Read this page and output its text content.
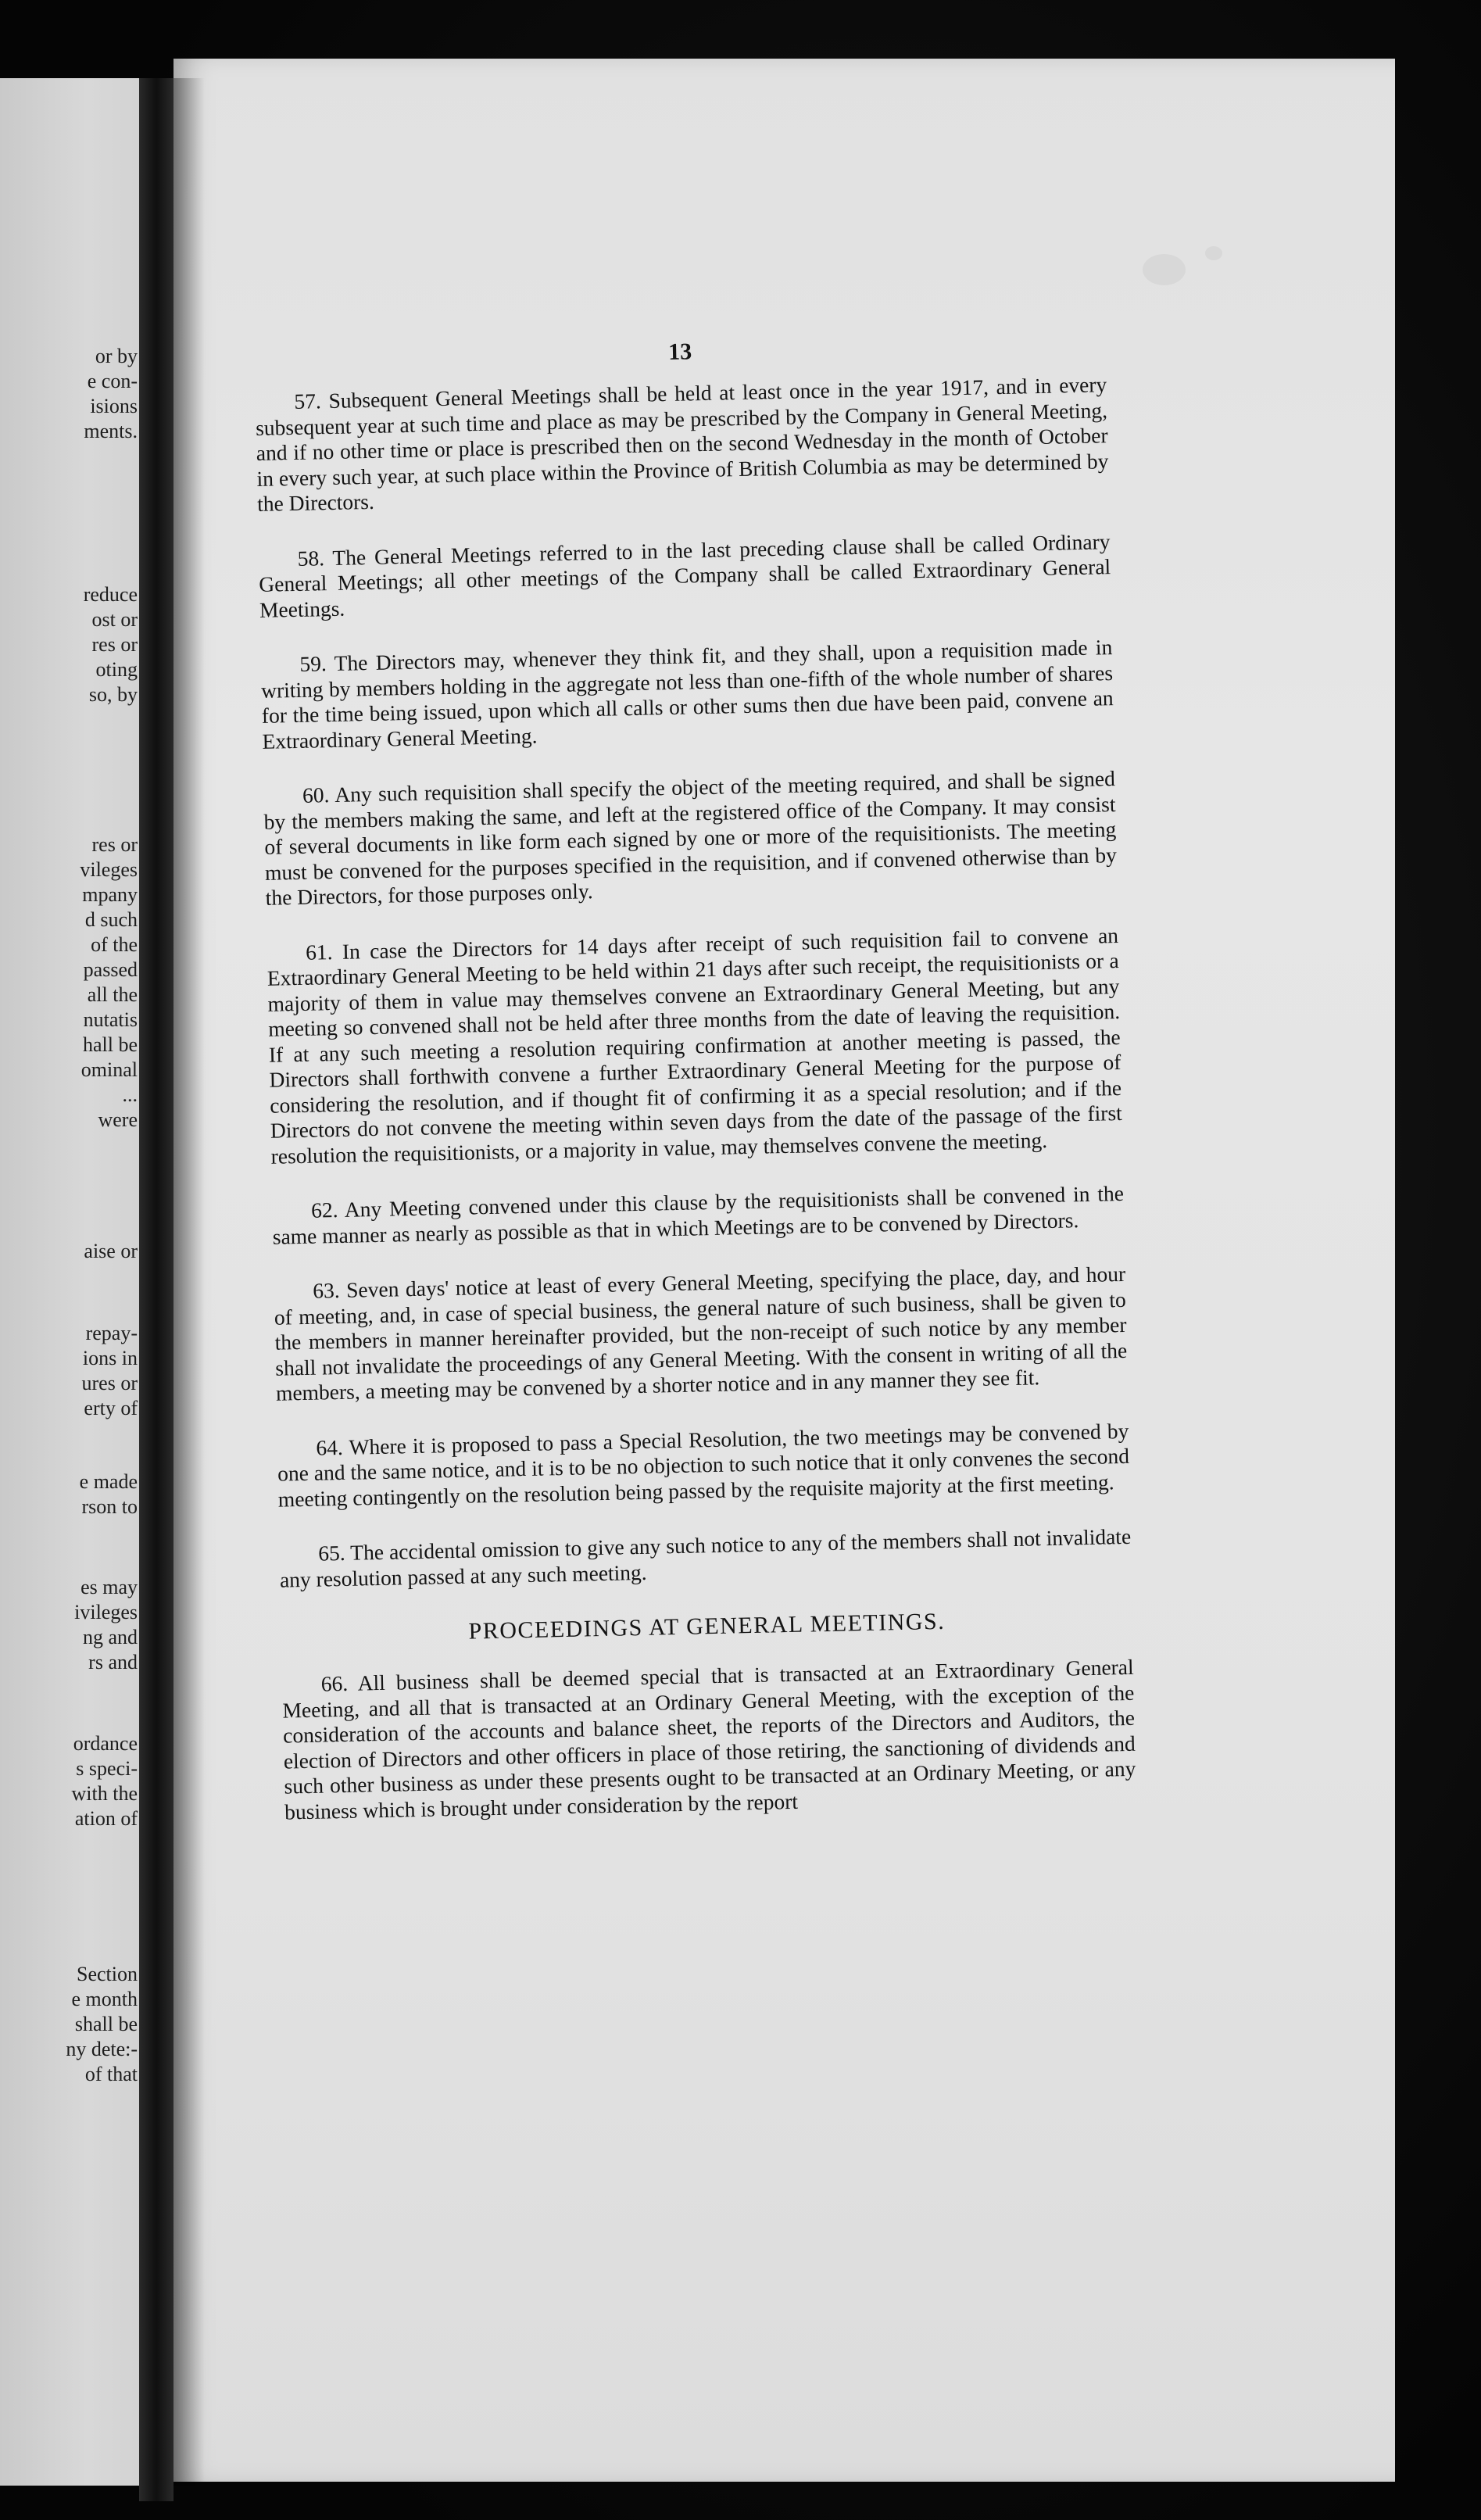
or by
e con-
isions
ments.
reduce
ost or
res or
oting
so, by
res or
vileges
mpany
d such
of the
passed
all the
nutatis
hall be
ominal
...
were
aise or
repay-
ions in
ures or
erty of
e made
rson to
es may
ivileges
ng and
rs and
ordance
s speci-
with the
ation of
Section
e month
shall be
ny dete:-
of that
13

57. Subsequent General Meetings shall be held at least once in the year 1917, and in every subsequent year at such time and place as may be prescribed by the Company in General Meeting, and if no other time or place is prescribed then on the second Wednesday in the month of October in every such year, at such place within the Province of British Columbia as may be determined by the Directors.

58. The General Meetings referred to in the last preceding clause shall be called Ordinary General Meetings; all other meetings of the Company shall be called Extraordinary General Meetings.

59. The Directors may, whenever they think fit, and they shall, upon a requisition made in writing by members holding in the aggregate not less than one-fifth of the whole number of shares for the time being issued, upon which all calls or other sums then due have been paid, convene an Extraordinary General Meeting.

60. Any such requisition shall specify the object of the meeting required, and shall be signed by the members making the same, and left at the registered office of the Company. It may consist of several documents in like form each signed by one or more of the requisitionists. The meeting must be convened for the purposes specified in the requisition, and if convened otherwise than by the Directors, for those purposes only.

61. In case the Directors for 14 days after receipt of such requisition fail to convene an Extraordinary General Meeting to be held within 21 days after such receipt, the requisitionists or a majority of them in value may themselves convene an Extraordinary General Meeting, but any meeting so convened shall not be held after three months from the date of leaving the requisition. If at any such meeting a resolution requiring confirmation at another meeting is passed, the Directors shall forthwith convene a further Extraordinary General Meeting for the purpose of considering the resolution, and if thought fit of confirming it as a special resolution; and if the Directors do not convene the meeting within seven days from the date of the passage of the first resolution the requisitionists, or a majority in value, may themselves convene the meeting.

62. Any Meeting convened under this clause by the requisitionists shall be convened in the same manner as nearly as possible as that in which Meetings are to be convened by Directors.

63. Seven days' notice at least of every General Meeting, specifying the place, day, and hour of meeting, and, in case of special business, the general nature of such business, shall be given to the members in manner hereinafter provided, but the non-receipt of such notice by any member shall not invalidate the proceedings of any General Meeting. With the consent in writing of all the members, a meeting may be convened by a shorter notice and in any manner they see fit.

64. Where it is proposed to pass a Special Resolution, the two meetings may be convened by one and the same notice, and it is to be no objection to such notice that it only convenes the second meeting contingently on the resolution being passed by the requisite majority at the first meeting.

65. The accidental omission to give any such notice to any of the members shall not invalidate any resolution passed at any such meeting.

PROCEEDINGS AT GENERAL MEETINGS.

66. All business shall be deemed special that is transacted at an Extraordinary General Meeting, and all that is transacted at an Ordinary General Meeting, with the exception of the consideration of the accounts and balance sheet, the reports of the Directors and Auditors, the election of Directors and other officers in place of those retiring, the sanctioning of dividends and such other business as under these presents ought to be transacted at an Ordinary Meeting, or any business which is brought under consideration by the report
